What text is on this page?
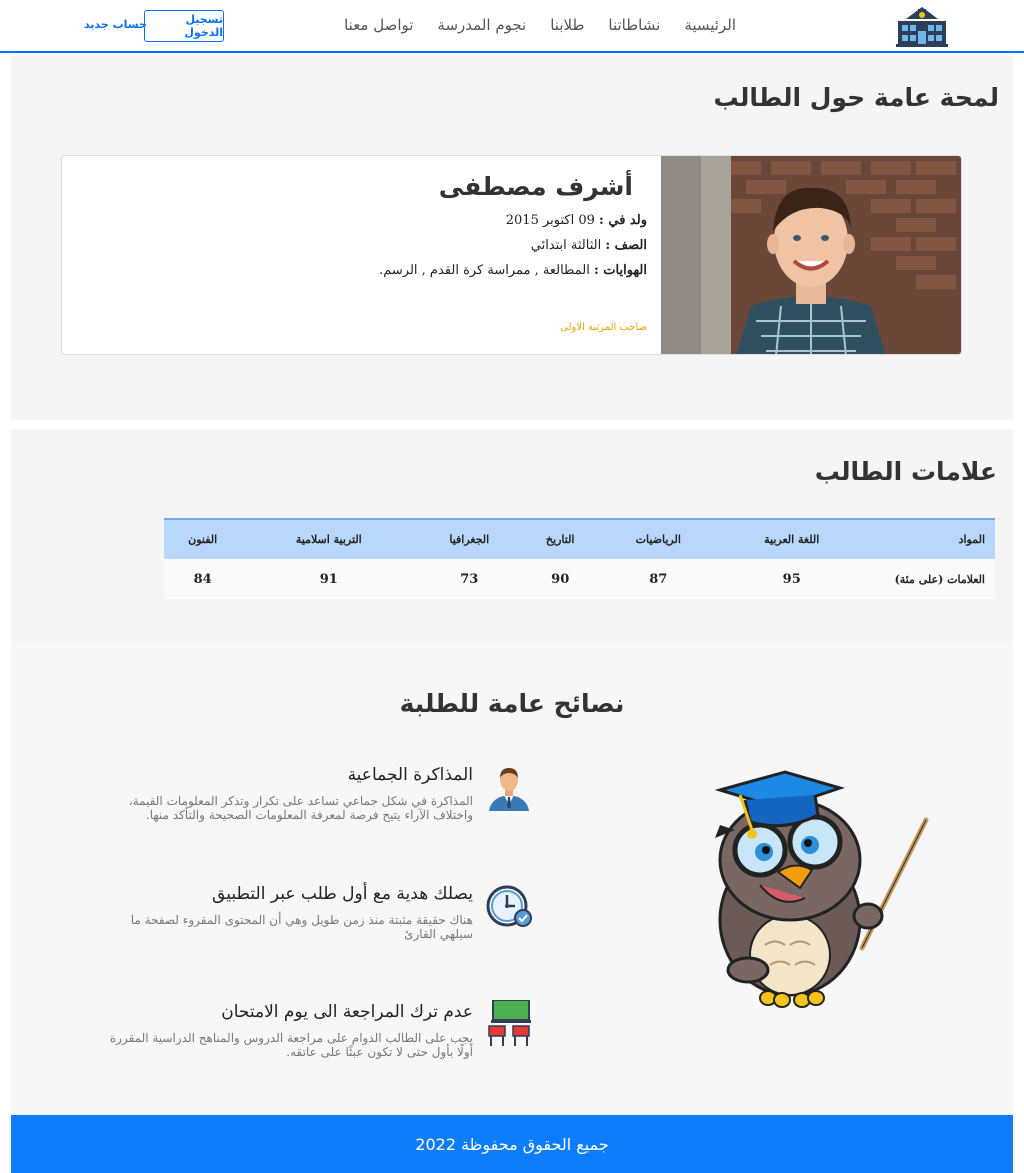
الرئيسية
نشاطاتنا
طلابنا
نجوم المدرسة
تواصل معنا
تسجيل الدخول
حساب جديد
لمحة عامة حول الطالب
أشرف مصطفى
ولد في : 09 اكتوبر 2015
الصف : الثالثة ابتدائي
الهوايات : المطالعة , ممراسة كرة القدم , الرسم.
صاحب المرتبة الاولى
علامات الطالب
المواد	اللغة العربية	الرياضيات	التاريخ	الجغرافيا	التربية اسلامية	الفنون
العلامات (على مئة)	95	87	90	73	91	84
نصائح عامة للطلبة
المذاكرة الجماعية
المذاكرة في شكل جماعي تساعد على تكرار وتذكر المعلومات القيمة، واختلاف الآراء يتيح فرصة لمعرفة المعلومات الصحيحة والتأكد منها.
يصلك هدية مع أول طلب عبر التطبيق
هناك حقيقة مثبتة منذ زمن طويل وهي أن المحتوى المقروء لصفحة ما سيلهي القارئ
عدم ترك المراجعة الى يوم الامتحان
يجب على الطالب الدوام على مراجعة الدروس والمناهج الدراسية المقررة أولًا بأول حتى لا تكون عبئًا على عاتقه.
جميع الحقوق محفوظة 2022
